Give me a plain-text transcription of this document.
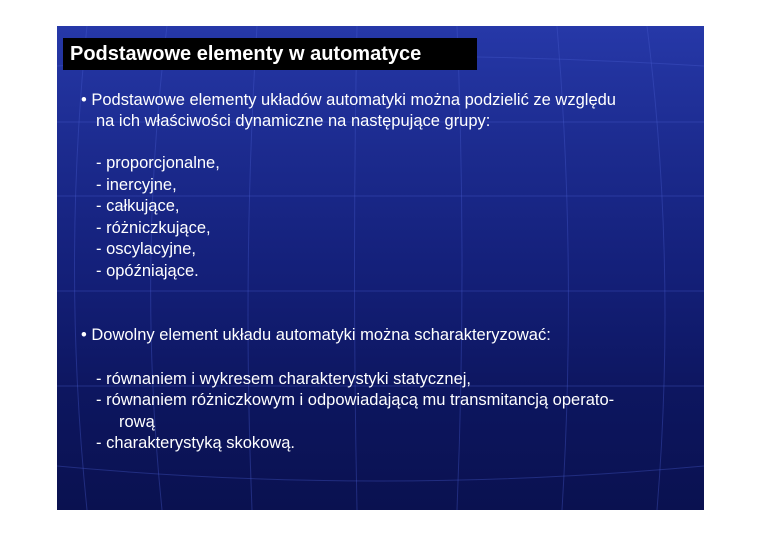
Podstawowe elementy w automatyce
• Podstawowe elementy układów automatyki można podzielić ze względu
na ich właściwości dynamiczne na następujące grupy:
- proporcjonalne,
- inercyjne,
- całkujące,
- różniczkujące,
- oscylacyjne,
- opóźniające.
• Dowolny element układu automatyki można scharakteryzować:
- równaniem i wykresem charakterystyki statycznej,
- równaniem różniczkowym i odpowiadającą mu transmitancją operato-
rową
- charakterystyką skokową.
